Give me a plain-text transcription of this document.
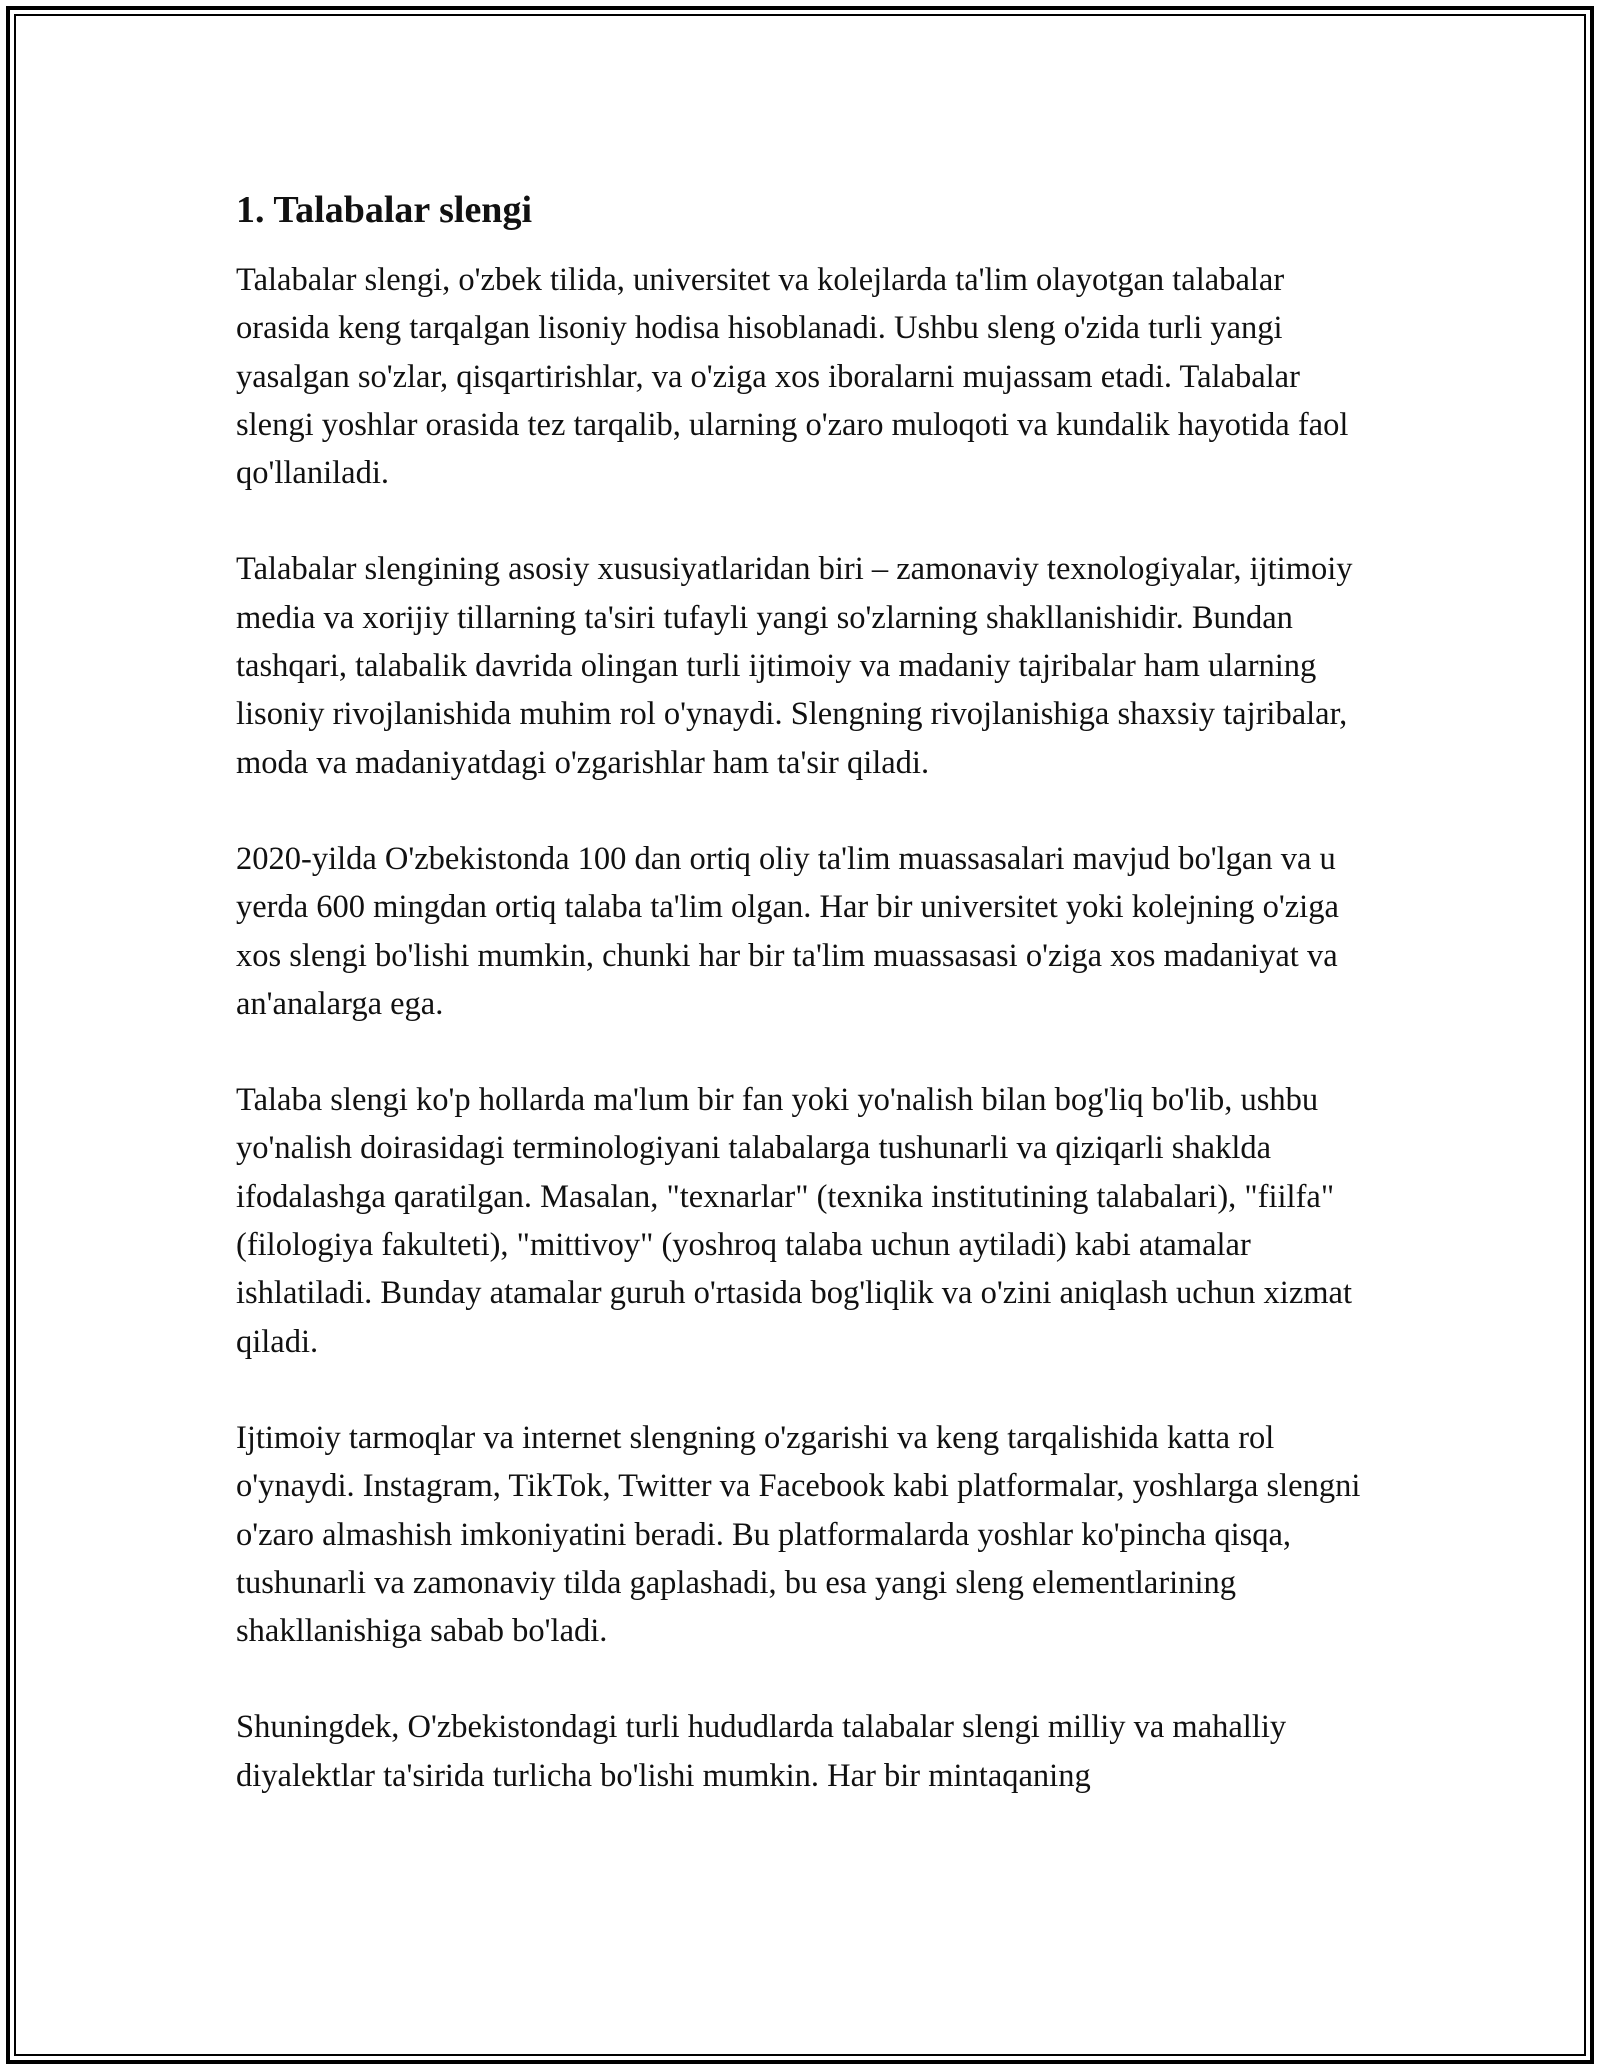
1. Talabalar slengi

Talabalar slengi, o'zbek tilida, universitet va kolejlarda ta'lim olayotgan talabalar orasida keng tarqalgan lisoniy hodisa hisoblanadi. Ushbu sleng o'zida turli yangi yasalgan so'zlar, qisqartirishlar, va o'ziga xos iboralarni mujassam etadi. Talabalar slengi yoshlar orasida tez tarqalib, ularning o'zaro muloqoti va kundalik hayotida faol qo'llaniladi.

Talabalar slengining asosiy xususiyatlaridan biri – zamonaviy texnologiyalar, ijtimoiy media va xorijiy tillarning ta'siri tufayli yangi so'zlarning shakllanishidir. Bundan tashqari, talabalik davrida olingan turli ijtimoiy va madaniy tajribalar ham ularning lisoniy rivojlanishida muhim rol o'ynaydi. Slengning rivojlanishiga shaxsiy tajribalar, moda va madaniyatdagi o'zgarishlar ham ta'sir qiladi.

2020-yilda O'zbekistonda 100 dan ortiq oliy ta'lim muassasalari mavjud bo'lgan va u yerda 600 mingdan ortiq talaba ta'lim olgan. Har bir universitet yoki kolejning o'ziga xos slengi bo'lishi mumkin, chunki har bir ta'lim muassasasi o'ziga xos madaniyat va an'analarga ega.

Talaba slengi ko'p hollarda ma'lum bir fan yoki yo'nalish bilan bog'liq bo'lib, ushbu yo'nalish doirasidagi terminologiyani talabalarga tushunarli va qiziqarli shakldа ifodalashga qaratilgan. Masalan, "texnarlar" (texnika institutining talabalari), "fiilfa" (filologiya fakulteti), "mittivoy" (yoshroq talaba uchun aytiladi) kabi atamalar ishlatiladi. Bunday atamalar guruh o'rtasida bog'liqlik va o'zini aniqlash uchun xizmat qiladi.

Ijtimoiy tarmoqlar va internet slengning o'zgarishi va keng tarqalishida katta rol o'ynaydi. Instagram, TikTok, Twitter va Facebook kabi platformalar, yoshlarga slengni o'zaro almashish imkoniyatini beradi. Bu platformalarda yoshlar ko'pincha qisqa, tushunarli va zamonaviy tilda gaplashadi, bu esa yangi sleng elementlarining shakllanishiga sabab bo'ladi.

Shuningdek, O'zbekistondagi turli hududlarda talabalar slengi milliy va mahalliy diyalektlar ta'sirida turlicha bo'lishi mumkin. Har bir mintaqaning
